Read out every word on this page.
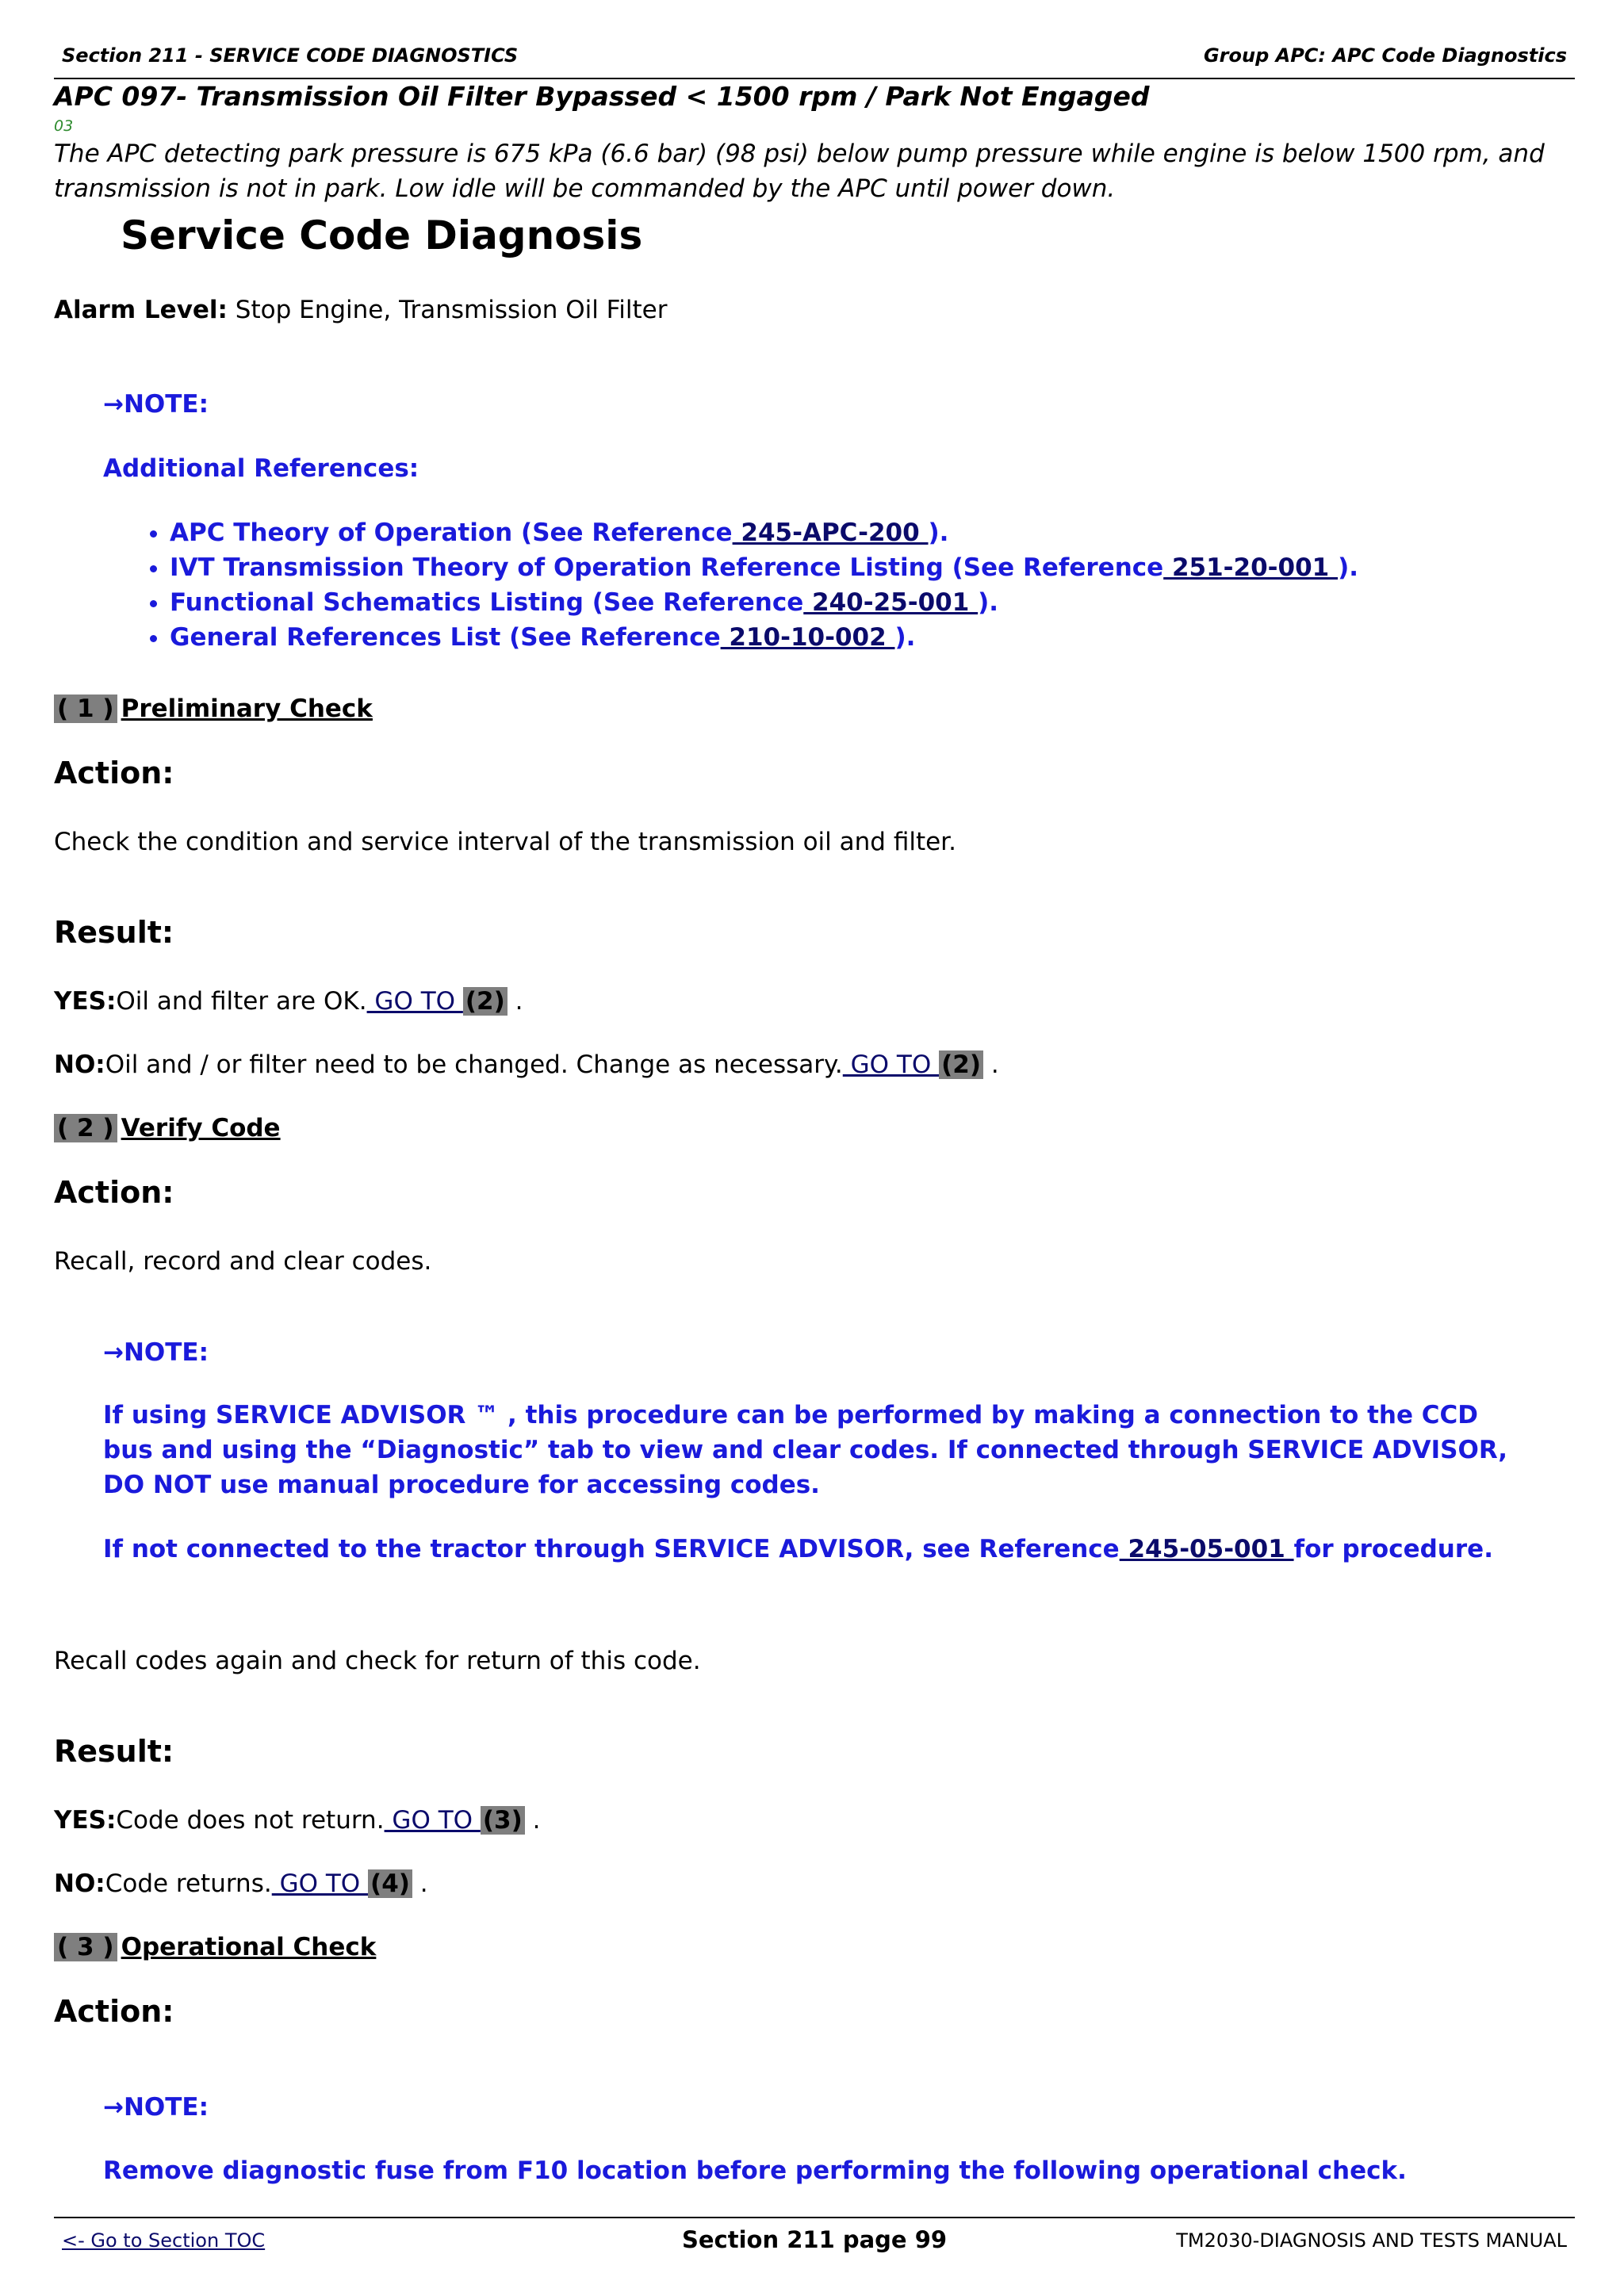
Section 211 - SERVICE CODE DIAGNOSTICS	Group APC: APC Code Diagnostics
APC 097- Transmission Oil Filter Bypassed < 1500 rpm / Park Not Engaged
03
The APC detecting park pressure is 675 kPa (6.6 bar) (98 psi) below pump pressure while engine is below 1500 rpm, and transmission is not in park. Low idle will be commanded by the APC until power down.
Service Code Diagnosis
Alarm Level: Stop Engine, Transmission Oil Filter
→NOTE:
Additional References:
• APC Theory of Operation (See Reference 245-APC-200 ).
• IVT Transmission Theory of Operation Reference Listing (See Reference 251-20-001 ).
• Functional Schematics Listing (See Reference 240-25-001 ).
• General References List (See Reference 210-10-002 ).
( 1 ) Preliminary Check
Action:
Check the condition and service interval of the transmission oil and filter.
Result:
YES:Oil and filter are OK. GO TO (2) .
NO:Oil and / or filter need to be changed. Change as necessary. GO TO (2) .
( 2 ) Verify Code
Action:
Recall, record and clear codes.
→NOTE:
If using SERVICE ADVISOR ™ , this procedure can be performed by making a connection to the CCD bus and using the “Diagnostic” tab to view and clear codes. If connected through SERVICE ADVISOR, DO NOT use manual procedure for accessing codes.
If not connected to the tractor through SERVICE ADVISOR, see Reference 245-05-001 for procedure.
Recall codes again and check for return of this code.
Result:
YES:Code does not return. GO TO (3) .
NO:Code returns. GO TO (4) .
( 3 ) Operational Check
Action:
→NOTE:
Remove diagnostic fuse from F10 location before performing the following operational check.
<- Go to Section TOC	Section 211 page 99	TM2030-DIAGNOSIS AND TESTS MANUAL
